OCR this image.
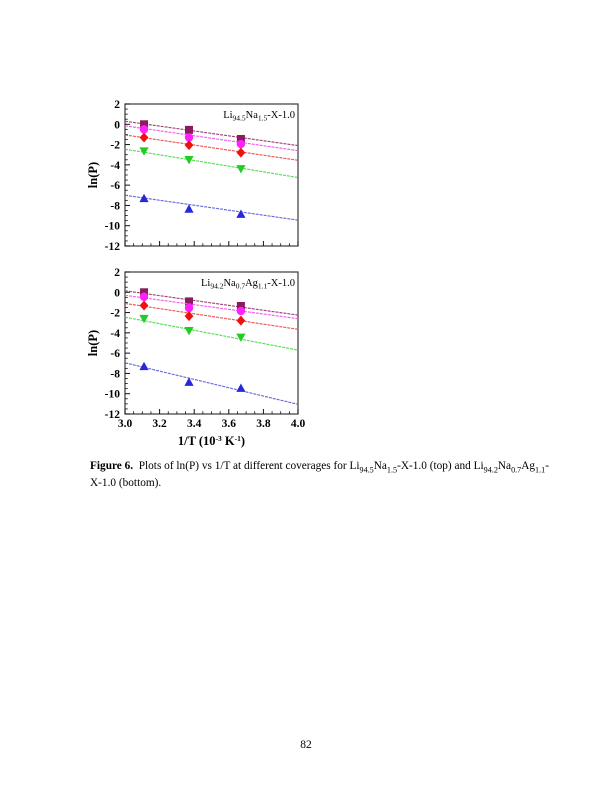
2
0
-2
-4
-6
-8
-10
-12
ln(P)
$Li_{94.5}Na_{1.5}-X-1.0$
2
0
-2
-4
-6
-8
-10
-12
3.0 3.2 3.4 3.6 3.8 4.0
ln(P)
1/T ($10^{-3}$ $K^{-1}$)
$Li_{94.2}Na_{0.7}Ag_{1.1}-X-1.0$
Figure 6.  Plots of ln(P) vs 1/T at different coverages for $Li_{94.5}Na_{1.5}-X-1.0$ (top) and $Li_{94.2}Na_{0.7}Ag_{1.1}-X-1.0$ (bottom).
82
